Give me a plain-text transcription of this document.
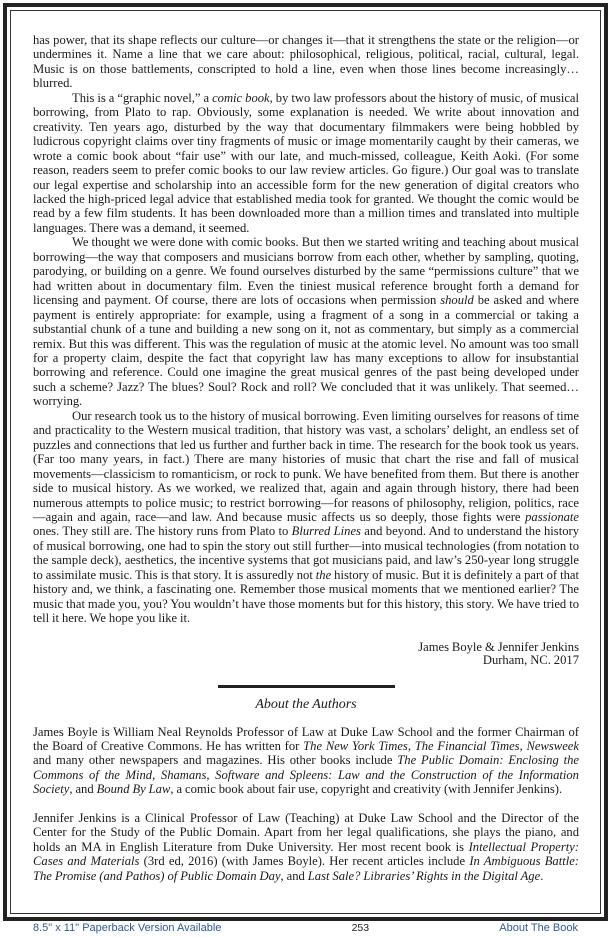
has power, that its shape reflects our culture—or changes it—that it strengthens the state or the religion—or undermines it. Name a line that we care about: philosophical, religious, political, racial, cultural, legal. Music is on those battlements, conscripted to hold a line, even when those lines become increasingly…blurred.

This is a “graphic novel,” a comic book, by two law professors about the history of music, of musical borrowing, from Plato to rap. Obviously, some explanation is needed. We write about innovation and creativity. Ten years ago, disturbed by the way that documentary filmmakers were being hobbled by ludicrous copyright claims over tiny fragments of music or image momentarily caught by their cameras, we wrote a comic book about “fair use” with our late, and much-missed, colleague, Keith Aoki. (For some reason, readers seem to prefer comic books to our law review articles. Go figure.) Our goal was to translate our legal expertise and scholarship into an accessible form for the new generation of digital creators who lacked the high-priced legal advice that established media took for granted. We thought the comic would be read by a few film students. It has been downloaded more than a million times and translated into multiple languages. There was a demand, it seemed.

We thought we were done with comic books. But then we started writing and teaching about musical borrowing—the way that composers and musicians borrow from each other, whether by sampling, quoting, parodying, or building on a genre. We found ourselves disturbed by the same “permissions culture” that we had written about in documentary film. Even the tiniest musical reference brought forth a demand for licensing and payment. Of course, there are lots of occasions when permission should be asked and where payment is entirely appropriate: for example, using a fragment of a song in a commercial or taking a substantial chunk of a tune and building a new song on it, not as commentary, but simply as a commercial remix. But this was different. This was the regulation of music at the atomic level. No amount was too small for a property claim, despite the fact that copyright law has many exceptions to allow for insubstantial borrowing and reference. Could one imagine the great musical genres of the past being developed under such a scheme? Jazz? The blues? Soul? Rock and roll? We concluded that it was unlikely. That seemed…worrying.

Our research took us to the history of musical borrowing. Even limiting ourselves for reasons of time and practicality to the Western musical tradition, that history was vast, a scholars’ delight, an endless set of puzzles and connections that led us further and further back in time. The research for the book took us years. (Far too many years, in fact.) There are many histories of music that chart the rise and fall of musical movements—classicism to romanticism, or rock to punk. We have benefited from them. But there is another side to musical history. As we worked, we realized that, again and again through history, there had been numerous attempts to police music; to restrict borrowing—for reasons of philosophy, religion, politics, race—again and again, race—and law. And because music affects us so deeply, those fights were passionate ones. They still are. The history runs from Plato to Blurred Lines and beyond. And to understand the history of musical borrowing, one had to spin the story out still further—into musical technologies (from notation to the sample deck), aesthetics, the incentive systems that got musicians paid, and law’s 250-year long struggle to assimilate music. This is that story. It is assuredly not the history of music. But it is definitely a part of that history and, we think, a fascinating one. Remember those musical moments that we mentioned earlier? The music that made you, you? You wouldn’t have those moments but for this history, this story. We have tried to tell it here. We hope you like it.

James Boyle & Jennifer Jenkins
Durham, NC. 2017
About the Authors

James Boyle is William Neal Reynolds Professor of Law at Duke Law School and the former Chairman of the Board of Creative Commons. He has written for The New York Times, The Financial Times, Newsweek and many other newspapers and magazines. His other books include The Public Domain: Enclosing the Commons of the Mind, Shamans, Software and Spleens: Law and the Construction of the Information Society, and Bound By Law, a comic book about fair use, copyright and creativity (with Jennifer Jenkins).

Jennifer Jenkins is a Clinical Professor of Law (Teaching) at Duke Law School and the Director of the Center for the Study of the Public Domain. Apart from her legal qualifications, she plays the piano, and holds an MA in English Literature from Duke University. Her most recent book is Intellectual Property: Cases and Materials (3rd ed, 2016) (with James Boyle). Her recent articles include In Ambiguous Battle: The Promise (and Pathos) of Public Domain Day, and Last Sale? Libraries’ Rights in the Digital Age.

8.5" x 11" Paperback Version Available	253	About The Book
